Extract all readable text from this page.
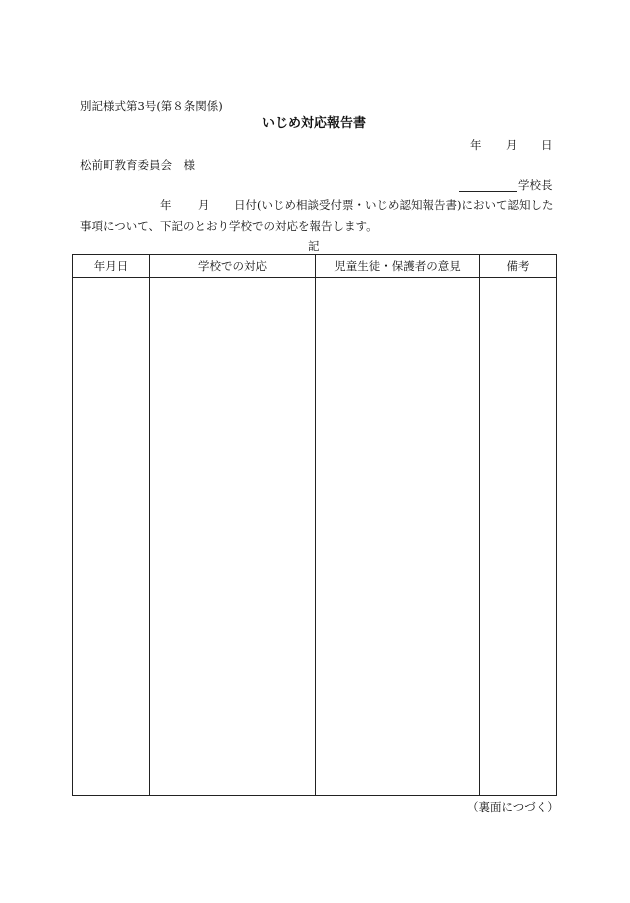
別記様式第3号(第８条関係)
いじめ対応報告書
年 月 日
松前町教育委員会　様
学校長
年 月 日付(いじめ相談受付票・いじめ認知報告書)において認知した
事項について、下記のとおり学校での対応を報告します。
記
年月日	学校での対応	児童生徒・保護者の意見	備考
（裏面につづく）
